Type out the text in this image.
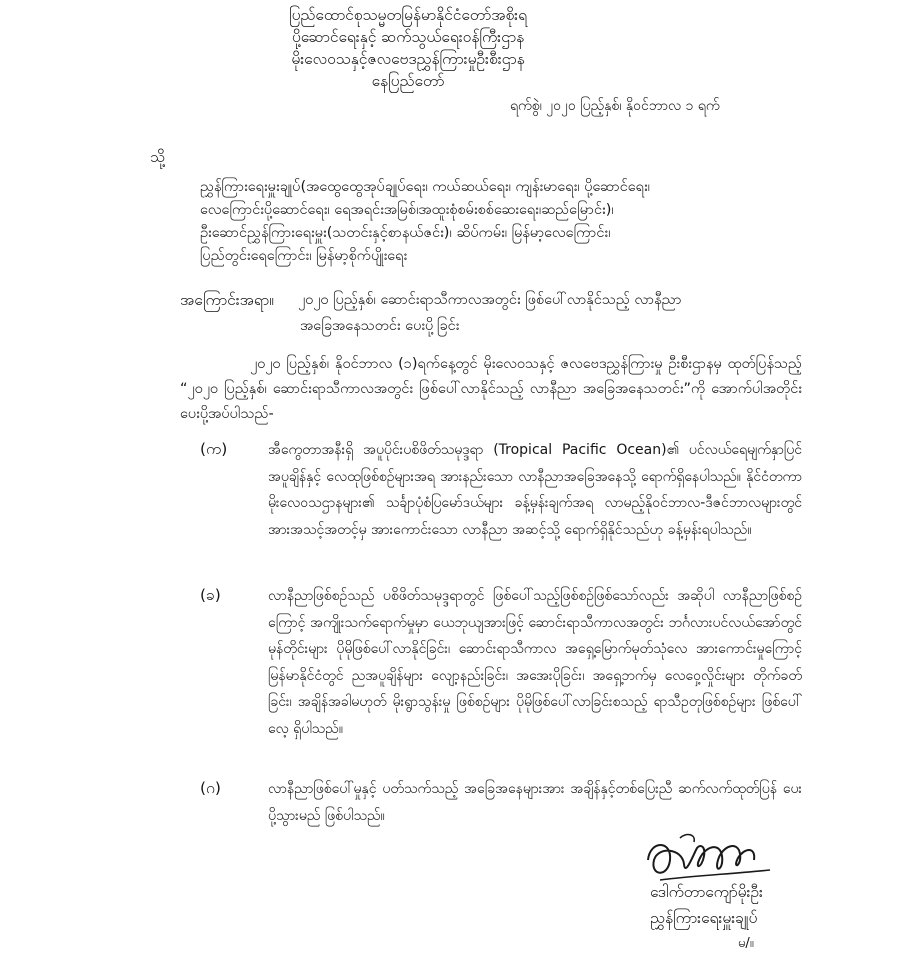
ပြည်ထောင်စုသမ္မတမြန်မာနိုင်ငံတော်အစိုးရ
ပို့ဆောင်ရေးနှင့် ဆက်သွယ်ရေးဝန်ကြီးဌာန
မိုးလေဝသနှင့်ဇလဗေဒညွှန်ကြားမှုဦးစီးဌာန
နေပြည်တော်
ရက်စွဲ၊ ၂၀၂၀ ပြည့်နှစ်၊ နိုဝင်ဘာလ ၁ ရက်
သို့
ညွှန်ကြားရေးမှူးချုပ်(အထွေထွေအုပ်ချုပ်ရေး၊ ကယ်ဆယ်ရေး၊ ကျန်းမာရေး၊ ပို့ဆောင်ရေး၊
လေကြောင်းပို့ဆောင်ရေး၊ ရေအရင်းအမြစ်၊အထူးစုံစမ်းစစ်ဆေးရေး၊ဆည်မြောင်း)၊
ဦးဆောင်ညွှန်ကြားရေးမှူး(သတင်းနှင့်စာနယ်ဇင်း)၊ ဆိပ်ကမ်း၊ မြန်မာ့လေကြောင်း၊
ပြည်တွင်းရေကြောင်း၊ မြန်မာ့စိုက်ပျိုးရေး
အကြောင်းအရာ။ ၂၀၂၀ ပြည့်နှစ်၊ ဆောင်းရာသီကာလအတွင်း ဖြစ်ပေါ်လာနိုင်သည့် လာနီညာ
အခြေအနေသတင်း ပေးပို့ခြင်း
၂၀၂၀ ပြည့်နှစ်၊ နိုဝင်ဘာလ (၁)ရက်နေ့တွင် မိုးလေဝသနှင့် ဇလဗေဒညွှန်ကြားမှု ဦးစီးဌာနမှ ထုတ်ပြန်သည့် “၂၀၂၀ ပြည့်နှစ်၊ ဆောင်းရာသီကာလအတွင်း ဖြစ်ပေါ်လာနိုင်သည့် လာနီညာ အခြေအနေသတင်း”ကို အောက်ပါအတိုင်း ပေးပို့အပ်ပါသည်-
(က)	အီကွေတာအနီးရှိ အပူပိုင်းပစိဖိတ်သမုဒ္ဒရာ (Tropical Pacific Ocean)၏ ပင်လယ်ရေမျက်နှာပြင် အပူချိန်နှင့် လေထုဖြစ်စဉ်များအရ အားနည်းသော လာနီညာအခြေအနေသို့ ရောက်ရှိနေပါသည်။ နိုင်ငံတကာ မိုးလေဝသဌာနများ၏ သင်္ချာပုံစံပြမော်ဒယ်များ ခန့်မှန်းချက်အရ လာမည့်နိုဝင်ဘာလ-ဒီဇင်ဘာလများတွင် အားအသင့်အတင့်မှ အားကောင်းသော လာနီညာ အဆင့်သို့ ရောက်ရှိနိုင်သည်ဟု ခန့်မှန်းရပါသည်။
(ခ)	လာနီညာဖြစ်စဉ်သည် ပစိဖိတ်သမုဒ္ဒရာတွင် ဖြစ်ပေါ်သည့်ဖြစ်စဉ်ဖြစ်သော်လည်း အဆိုပါ လာနီညာဖြစ်စဉ်ကြောင့် အကျိုးသက်ရောက်မှုမှာ ယေဘုယျအားဖြင့် ဆောင်းရာသီကာလအတွင်း ဘင်္ဂလားပင်လယ်အော်တွင် မုန်တိုင်းများ ပိုမိုဖြစ်ပေါ်လာနိုင်ခြင်း၊ ဆောင်းရာသီကာလ အရှေ့မြောက်မုတ်သုံလေ အားကောင်းမှုကြောင့် မြန်မာနိုင်ငံတွင် ညအပူချိန်များ လျော့နည်းခြင်း၊ အအေးပိုခြင်း၊ အရှေ့ဘက်မှ လေဝှေ့လှိုင်းများ တိုက်ခတ်ခြင်း၊ အချိန်အခါမဟုတ် မိုးရွာသွန်းမှု ဖြစ်စဉ်များ ပိုမိုဖြစ်ပေါ်လာခြင်းစသည့် ရာသီဥတုဖြစ်စဉ်များ ဖြစ်ပေါ်လေ့ ရှိပါသည်။
(ဂ)	လာနီညာဖြစ်ပေါ်မှုနှင့် ပတ်သက်သည့် အခြေအနေများအား အချိန်နှင့်တစ်ပြေးညီ ဆက်လက်ထုတ်ပြန် ပေးပို့သွားမည် ဖြစ်ပါသည်။
ဒေါက်တာကျော်မိုးဦး
ညွှန်ကြားရေးမှူးချုပ်
မ/။
